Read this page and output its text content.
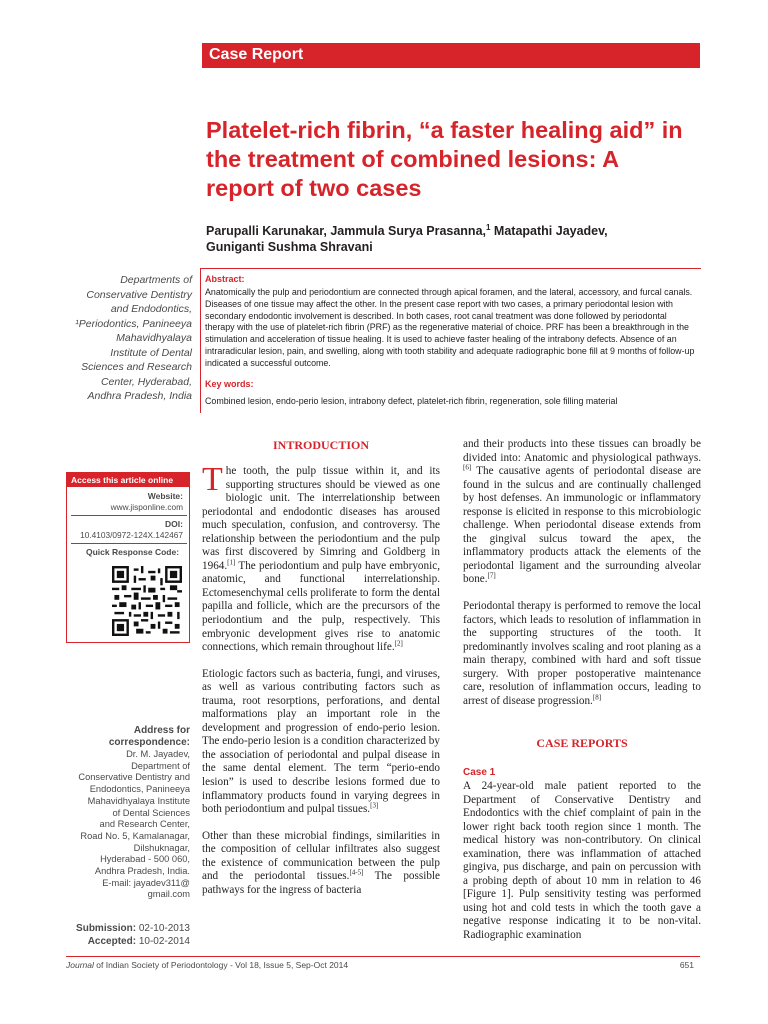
Case Report
Platelet-rich fibrin, “a faster healing aid” in the treatment of combined lesions: A report of two cases
Parupalli Karunakar, Jammula Surya Prasanna,$^1$ Matapathi Jayadev,
Guniganti Sushma Shravani
Departments of
Conservative Dentistry
and Endodontics,
¹Periodontics, Panineeya
Mahavidhyalaya
Institute of Dental
Sciences and Research
Center, Hyderabad,
Andhra Pradesh, India
Abstract:
Anatomically the pulp and periodontium are connected through apical foramen, and the lateral, accessory, and furcal canals. Diseases of one tissue may affect the other. In the present case report with two cases, a primary periodontal lesion with secondary endodontic involvement is described. In both cases, root canal treatment was done followed by periodontal therapy with the use of platelet-rich fibrin (PRF) as the regenerative material of choice. PRF has been a breakthrough in the stimulation and acceleration of tissue healing. It is used to achieve faster healing of the intrabony defects. Absence of an intraradicular lesion, pain, and swelling, along with tooth stability and adequate radiographic bone fill at 9 months of follow-up indicated a successful outcome.
Key words:
Combined lesion, endo-perio lesion, intrabony defect, platelet-rich fibrin, regeneration, sole filling material
Access this article online
Website:
www.jisponline.com
DOI:
10.4103/0972-124X.142467
Quick Response Code:
Address for
correspondence:
Dr. M. Jayadev,
Department of
Conservative Dentistry and
Endodontics, Panineeya
Mahavidhyalaya Institute
of Dental Sciences
and Research Center,
Road No. 5, Kamalanagar,
Dilshuknagar,
Hyderabad - 500 060,
Andhra Pradesh, India.
E-mail: jayadev311@
gmail.com
Submission: 02-10-2013
Accepted: 10-02-2014
INTRODUCTION
CASE REPORTS
Case 1

The tooth, the pulp tissue within it, and its supporting structures should be viewed as one biologic unit. The interrelationship between periodontal and endodontic diseases has aroused much speculation, confusion, and controversy. The relationship between the periodontium and the pulp was first discovered by Simring and Goldberg in 1964.[1] The periodontium and pulp have embryonic, anatomic, and functional interrelationship. Ectomesenchymal cells proliferate to form the dental papilla and follicle, which are the precursors of the periodontium and the pulp, respectively. This embryonic development gives rise to anatomic connections, which remain throughout life.[2]

Etiologic factors such as bacteria, fungi, and viruses, as well as various contributing factors such as trauma, root resorptions, perforations, and dental malformations play an important role in the development and progression of endo-perio lesion. The endo-perio lesion is a condition characterized by the association of periodontal and pulpal disease in the same dental element. The term “perio-endo lesion” is used to describe lesions formed due to inflammatory products found in varying degrees in both periodontium and pulpal tissues.[3]

Other than these microbial findings, similarities in the composition of cellular infiltrates also suggest the existence of communication between the pulp and the periodontal tissues.[4-5] The possible pathways for the ingress of bacteria

and their products into these tissues can broadly be divided into: Anatomic and physiological pathways.[6] The causative agents of periodontal disease are found in the sulcus and are continually challenged by host defenses. An immunologic or inflammatory response is elicited in response to this microbiologic challenge. When periodontal disease extends from the gingival sulcus toward the apex, the inflammatory products attack the elements of the periodontal ligament and the surrounding alveolar bone.[7]

Periodontal therapy is performed to remove the local factors, which leads to resolution of inflammation in the supporting structures of the tooth. It predominantly involves scaling and root planing as a main therapy, combined with hard and soft tissue surgery. With proper postoperative maintenance care, resolution of inflammation occurs, leading to arrest of disease progression.[8]

A 24-year-old male patient reported to the Department of Conservative Dentistry and Endodontics with the chief complaint of pain in the lower right back tooth region since 1 month. The medical history was non-contributory. On clinical examination, there was inflammation of attached gingiva, pus discharge, and pain on percussion with a probing depth of about 10 mm in relation to 46 [Figure 1]. Pulp sensitivity testing was performed using hot and cold tests in which the tooth gave a negative response indicating it to be non-vital. Radiographic examination

Journal of Indian Society of Periodontology - Vol 18, Issue 5, Sep-Oct 2014	651
